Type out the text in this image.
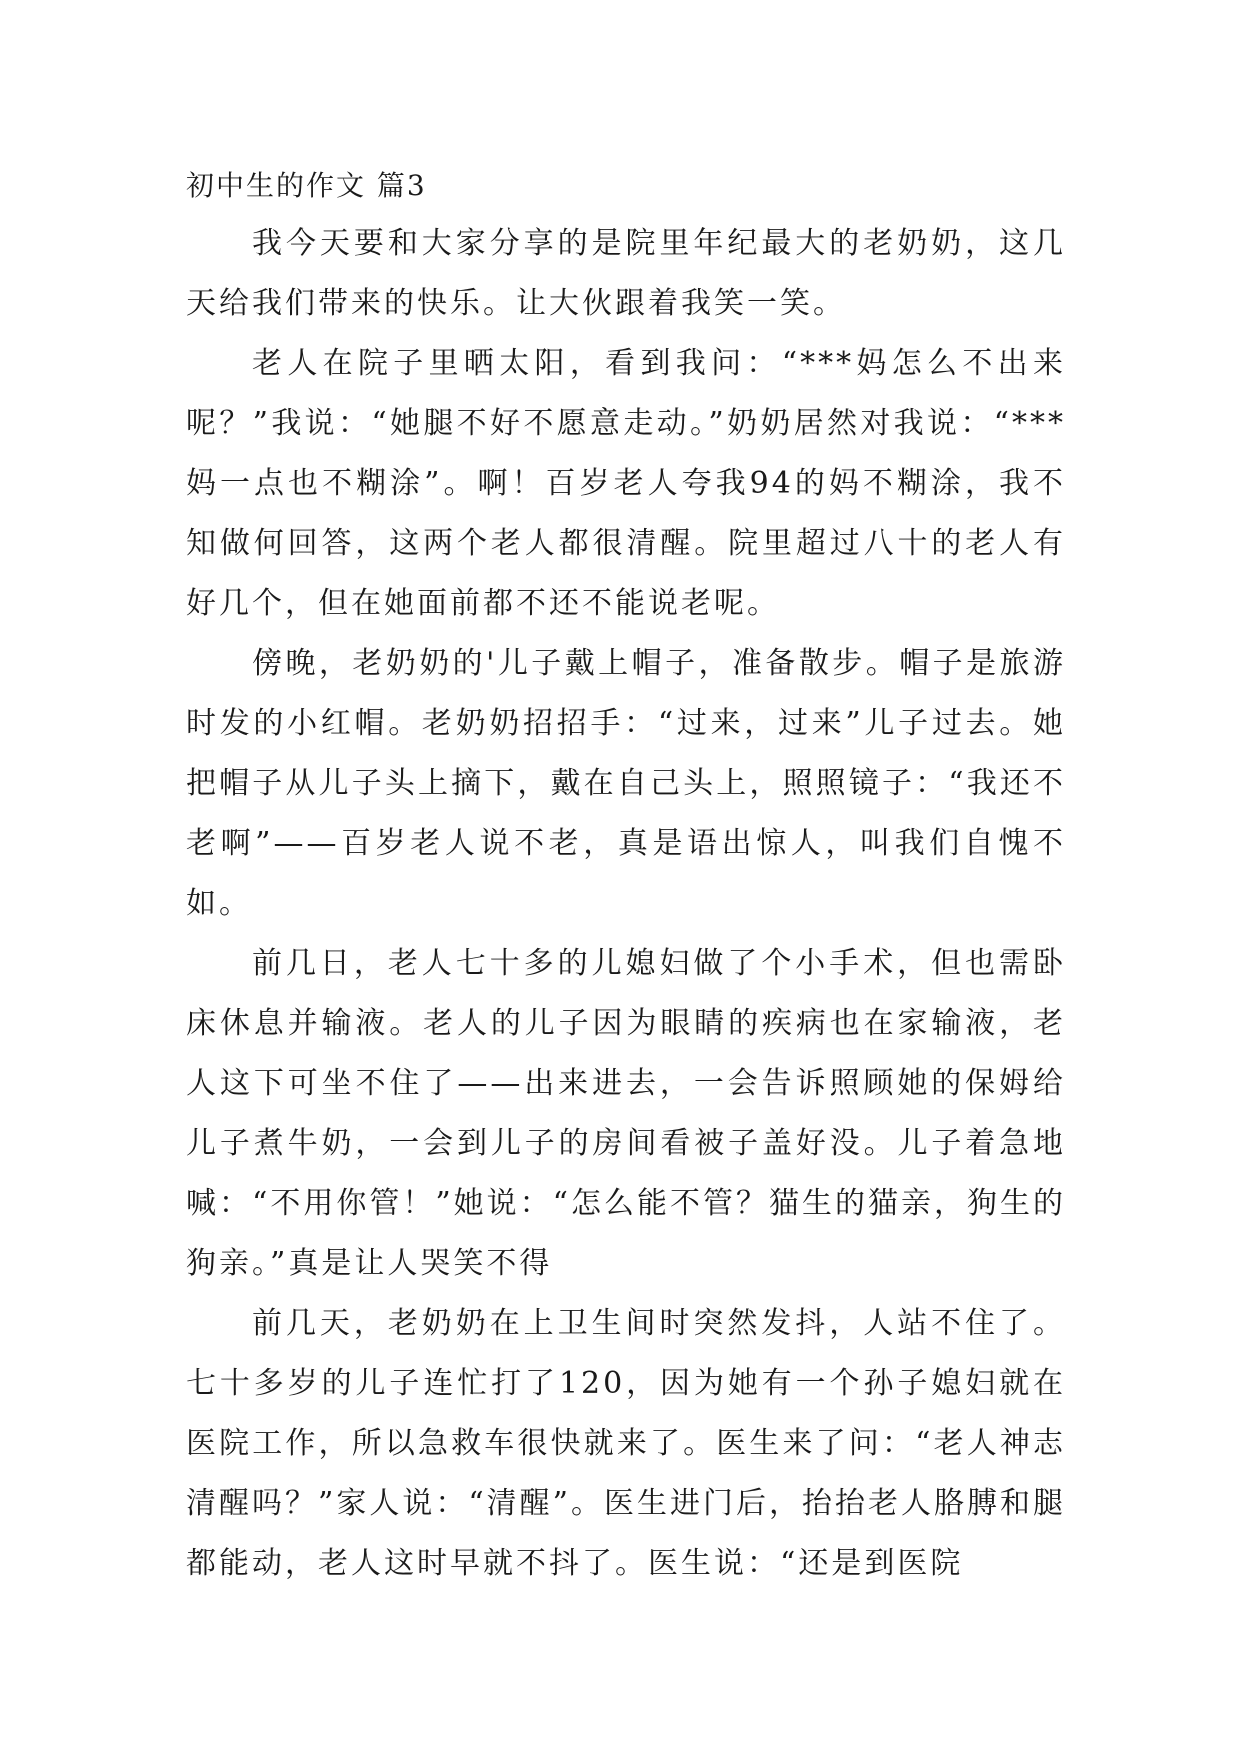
初中生的作文 篇3

我今天要和大家分享的是院里年纪最大的老奶奶，这几天给我们带来的快乐。让大伙跟着我笑一笑。

老人在院子里晒太阳，看到我问：“***妈怎么不出来呢？”我说：“她腿不好不愿意走动。”奶奶居然对我说：“***妈一点也不糊涂”。啊！百岁老人夸我94的妈不糊涂，我不知做何回答，这两个老人都很清醒。院里超过八十的老人有好几个，但在她面前都不还不能说老呢。

傍晚，老奶奶的'儿子戴上帽子，准备散步。帽子是旅游时发的小红帽。老奶奶招招手：“过来，过来”儿子过去。她把帽子从儿子头上摘下，戴在自己头上，照照镜子：“我还不老啊”——百岁老人说不老，真是语出惊人，叫我们自愧不如。

前几日，老人七十多的儿媳妇做了个小手术，但也需卧床休息并输液。老人的儿子因为眼睛的疾病也在家输液，老人这下可坐不住了——出来进去，一会告诉照顾她的保姆给儿子煮牛奶，一会到儿子的房间看被子盖好没。儿子着急地喊：“不用你管！”她说：“怎么能不管？猫生的猫亲，狗生的狗亲。”真是让人哭笑不得

前几天，老奶奶在上卫生间时突然发抖，人站不住了。七十多岁的儿子连忙打了120，因为她有一个孙子媳妇就在医院工作，所以急救车很快就来了。医生来了问：“老人神志清醒吗？”家人说：“清醒”。医生进门后，抬抬老人胳膊和腿都能动，老人这时早就不抖了。医生说：“还是到医院
